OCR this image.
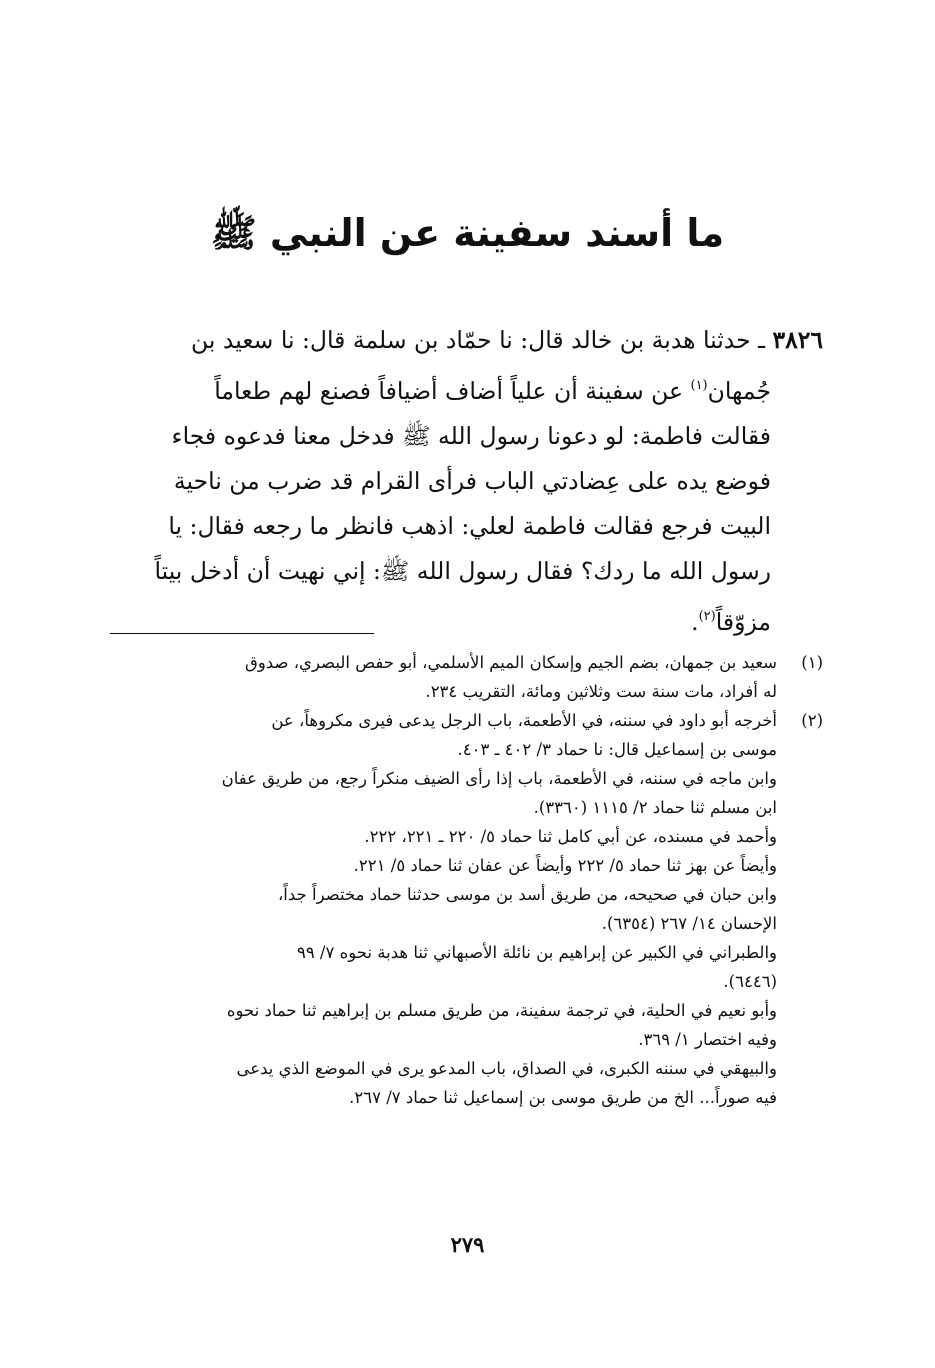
ما أسند سفينة عن النبي ﷺ
٣٨٢٦ ـ حدثنا هدبة بن خالد قال: نا حمّاد بن سلمة قال: نا سعيد بن
جُمهان$^{(١)}$ عن سفينة أن علياً أضاف أضيافاً فصنع لهم طعاماً
فقالت فاطمة: لو دعونا رسول الله ﷺ فدخل معنا فدعوه فجاء
فوضع يده على عِضادتي الباب فرأى القرام قد ضرب من ناحية
البيت فرجع فقالت فاطمة لعلي: اذهب فانظر ما رجعه فقال: يا
رسول الله ما ردك؟ فقال رسول الله ﷺ: إني نهيت أن أدخل بيتاً
مزوّقاً$^{(٢)}$.
(١)
سعيد بن جمهان، بضم الجيم وإسكان الميم الأسلمي، أبو حفص البصري، صدوق
له أفراد، مات سنة ست وثلاثين ومائة، التقريب ٢٣٤.
(٢)
أخرجه أبو داود في سننه، في الأطعمة، باب الرجل يدعى فيرى مكروهاً، عن
موسى بن إسماعيل قال: نا حماد ٣/ ٤٠٢ ـ ٤٠٣.
وابن ماجه في سننه، في الأطعمة، باب إذا رأى الضيف منكراً رجع، من طريق عفان
ابن مسلم ثنا حماد ٢/ ١١١٥ (٣٣٦٠).
وأحمد في مسنده، عن أبي كامل ثنا حماد ٥/ ٢٢٠ ـ ٢٢١، ٢٢٢.
وأيضاً عن بهز ثنا حماد ٥/ ٢٢٢ وأيضاً عن عفان ثنا حماد ٥/ ٢٢١.
وابن حبان في صحيحه، من طريق أسد بن موسى حدثنا حماد مختصراً جداً،
الإحسان ١٤/ ٢٦٧ (٦٣٥٤).
والطبراني في الكبير عن إبراهيم بن نائلة الأصبهاني ثنا هدبة نحوه ٧/ ٩٩
(٦٤٤٦).
وأبو نعيم في الحلية، في ترجمة سفينة، من طريق مسلم بن إبراهيم ثنا حماد نحوه
وفيه اختصار ١/ ٣٦٩.
والبيهقي في سننه الكبرى، في الصداق، باب المدعو يرى في الموضع الذي يدعى
فيه صوراً... الخ من طريق موسى بن إسماعيل ثنا حماد ٧/ ٢٦٧.
٢٧٩
